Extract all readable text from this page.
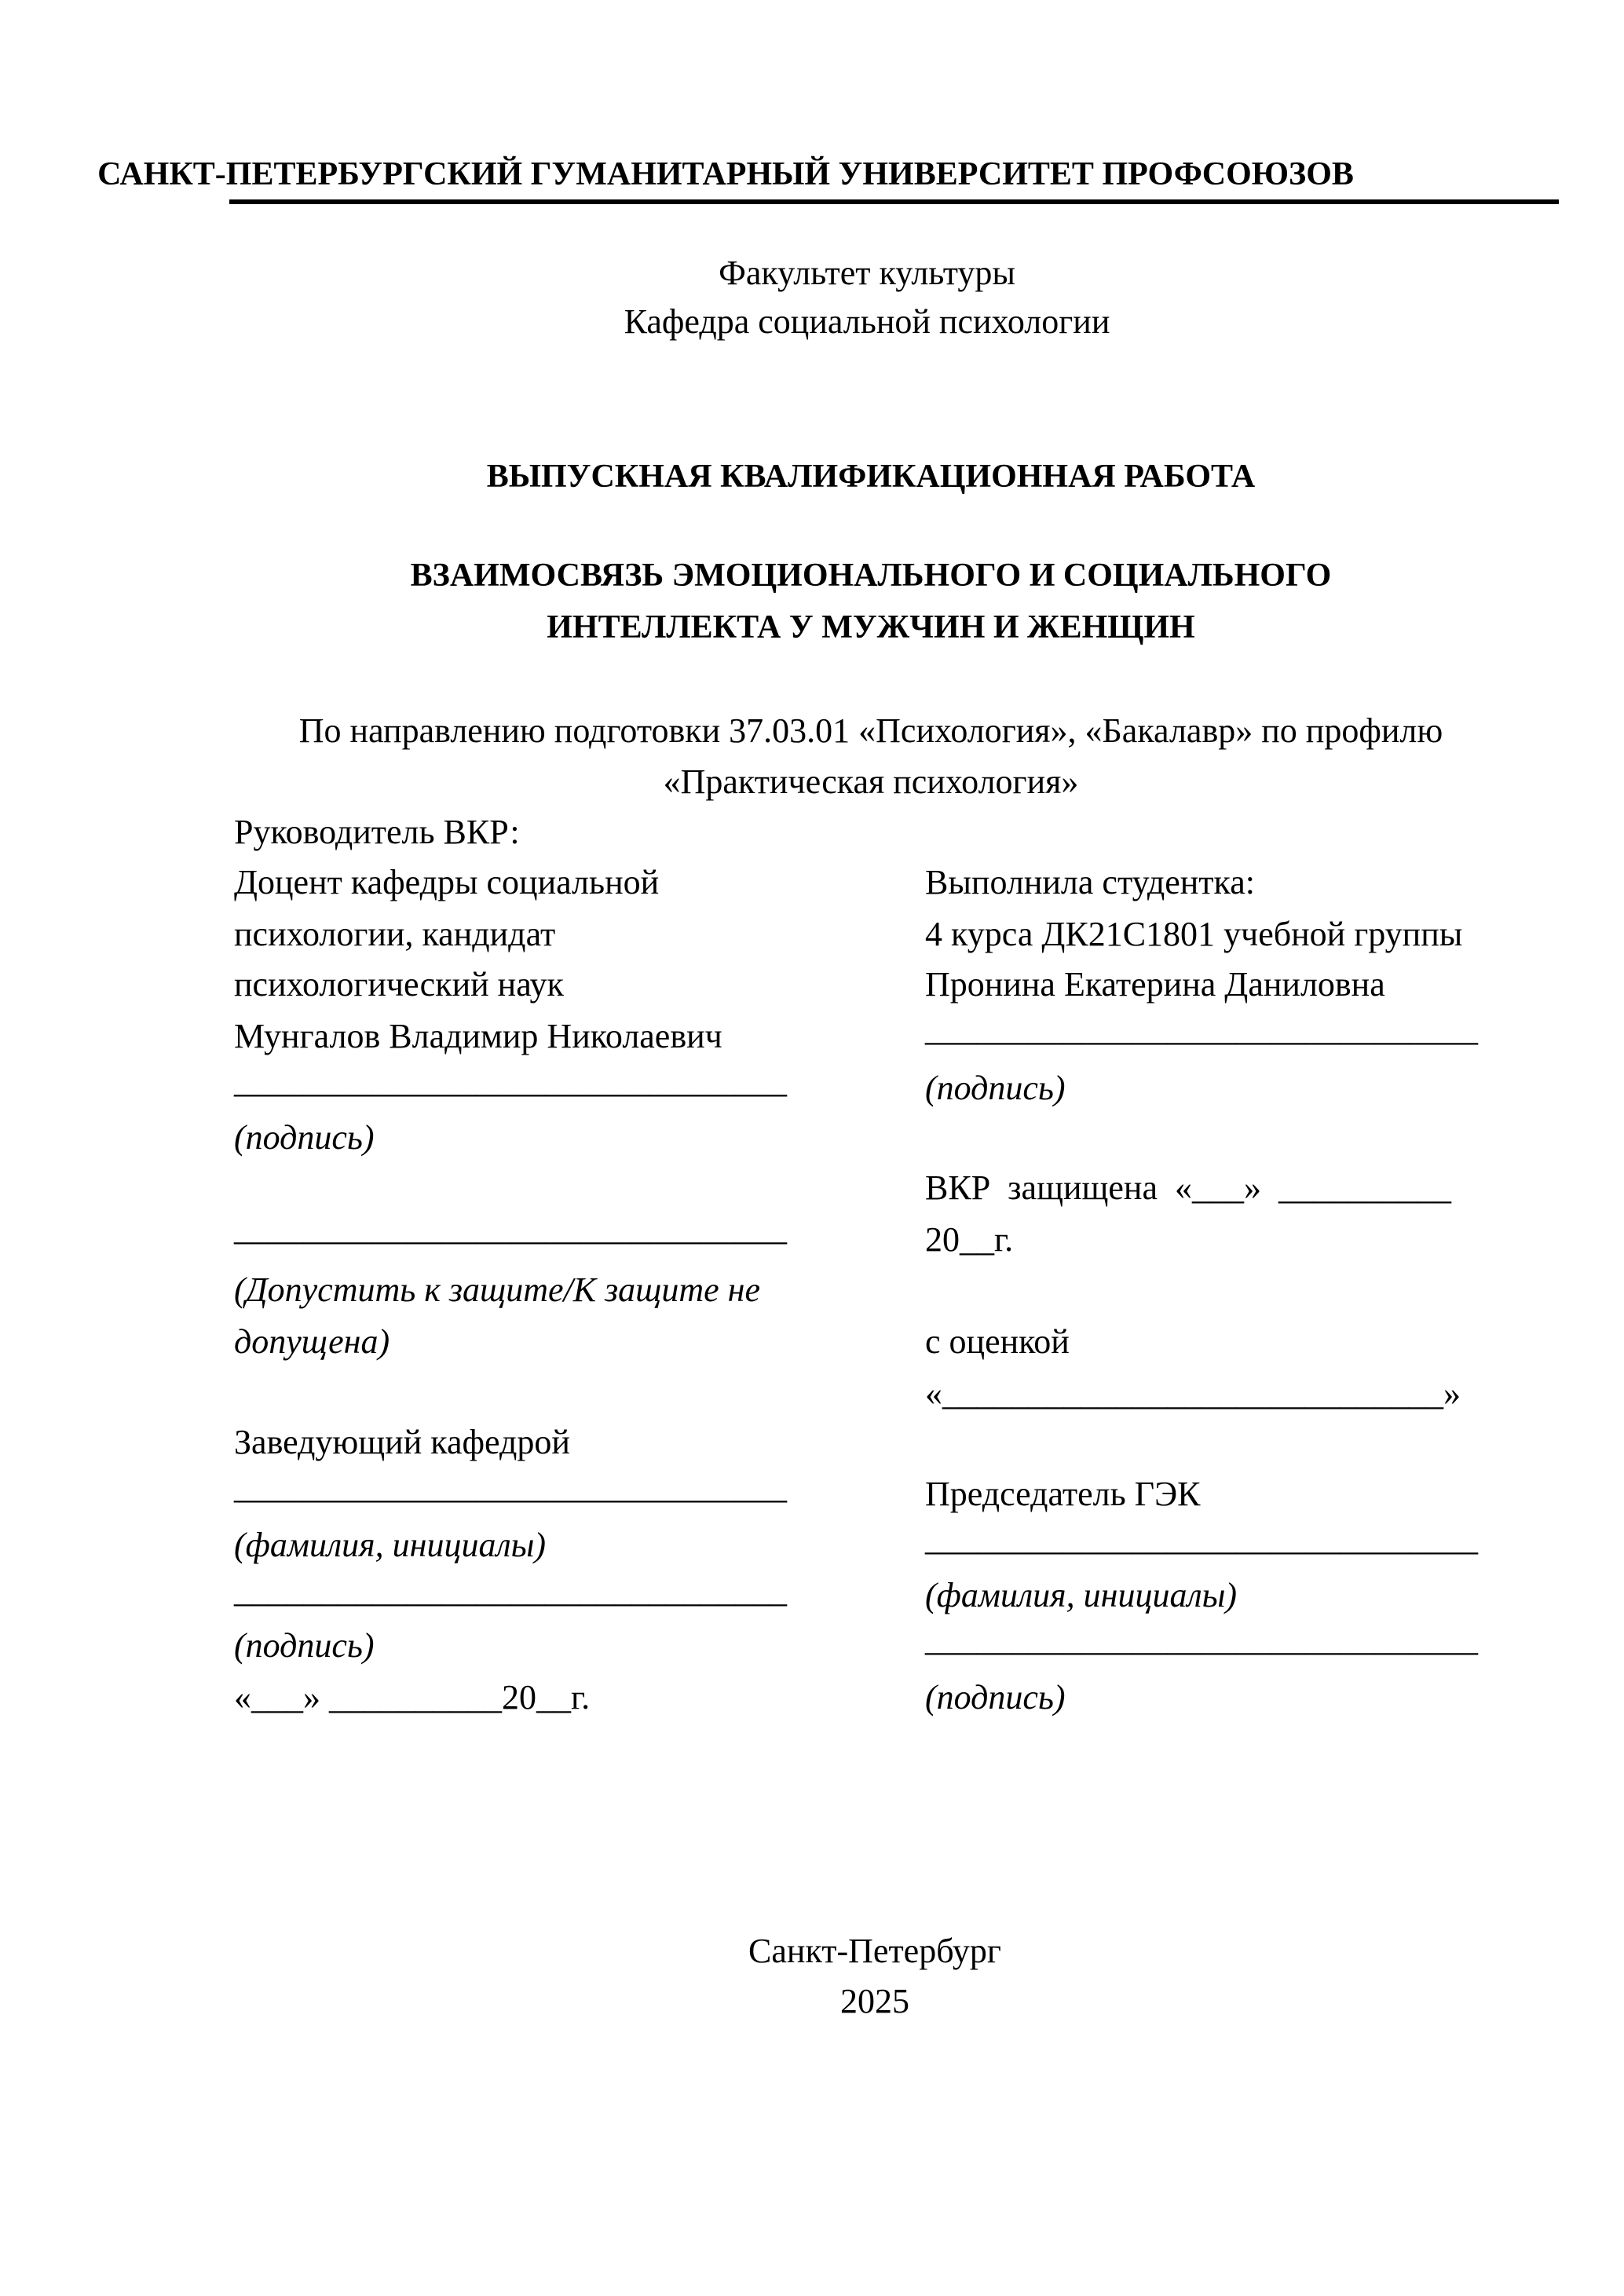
САНКТ-ПЕТЕРБУРГСКИЙ ГУМАНИТАРНЫЙ УНИВЕРСИТЕТ ПРОФСОЮЗОВ
Факультет культуры
Кафедра социальной психологии
ВЫПУСКНАЯ КВАЛИФИКАЦИОННАЯ РАБОТА
ВЗАИМОСВЯЗЬ ЭМОЦИОНАЛЬНОГО И СОЦИАЛЬНОГО
ИНТЕЛЛЕКТА У МУЖЧИН И ЖЕНЩИН
По направлению подготовки 37.03.01 «Психология», «Бакалавр» по профилю
«Практическая психология»
Руководитель ВКР:
Доцент кафедры социальной
психологии, кандидат
психологический наук
Мунгалов Владимир Николаевич
________________________________
(подпись)
________________________________
(Допустить к защите/К защите не
допущена)
Заведующий кафедрой
________________________________
(фамилия, инициалы)
________________________________
(подпись)
«___» __________20__г.
Выполнила студентка:
4 курса ДК21С1801 учебной группы
Пронина Екатерина Даниловна
________________________________
(подпись)
ВКР  защищена  «___»  __________
20__г.
с оценкой
«_____________________________»
Председатель ГЭК
________________________________
(фамилия, инициалы)
________________________________
(подпись)
Санкт-Петербург
2025
